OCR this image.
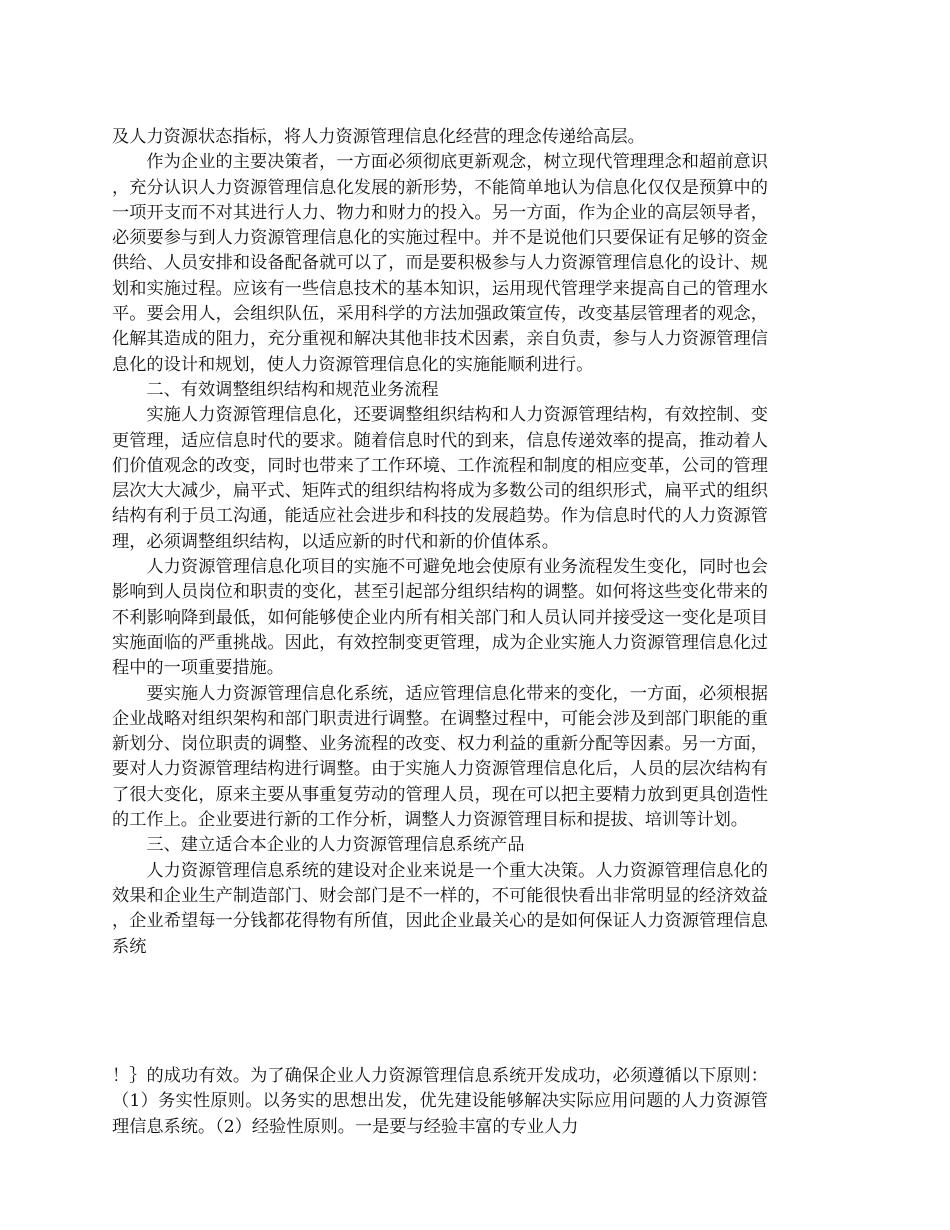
及人力资源状态指标，将人力资源管理信息化经营的理念传递给高层。

作为企业的主要决策者，一方面必须彻底更新观念，树立现代管理理念和超前意识，充分认识人力资源管理信息化发展的新形势，不能简单地认为信息化仅仅是预算中的一项开支而不对其进行人力、物力和财力的投入。另一方面，作为企业的高层领导者，必须要参与到人力资源管理信息化的实施过程中。并不是说他们只要保证有足够的资金供给、人员安排和设备配备就可以了，而是要积极参与人力资源管理信息化的设计、规划和实施过程。应该有一些信息技术的基本知识，运用现代管理学来提高自己的管理水平。要会用人，会组织队伍，采用科学的方法加强政策宣传，改变基层管理者的观念，化解其造成的阻力，充分重视和解决其他非技术因素，亲自负责，参与人力资源管理信息化的设计和规划，使人力资源管理信息化的实施能顺利进行。

二、有效调整组织结构和规范业务流程

实施人力资源管理信息化，还要调整组织结构和人力资源管理结构，有效控制、变更管理，适应信息时代的要求。随着信息时代的到来，信息传递效率的提高，推动着人们价值观念的改变，同时也带来了工作环境、工作流程和制度的相应变革，公司的管理层次大大减少，扁平式、矩阵式的组织结构将成为多数公司的组织形式，扁平式的组织结构有利于员工沟通，能适应社会进步和科技的发展趋势。作为信息时代的人力资源管理，必须调整组织结构，以适应新的时代和新的价值体系。

人力资源管理信息化项目的实施不可避免地会使原有业务流程发生变化，同时也会影响到人员岗位和职责的变化，甚至引起部分组织结构的调整。如何将这些变化带来的不利影响降到最低，如何能够使企业内所有相关部门和人员认同并接受这一变化是项目实施面临的严重挑战。因此，有效控制变更管理，成为企业实施人力资源管理信息化过程中的一项重要措施。

要实施人力资源管理信息化系统，适应管理信息化带来的变化，一方面，必须根据企业战略对组织架构和部门职责进行调整。在调整过程中，可能会涉及到部门职能的重新划分、岗位职责的调整、业务流程的改变、权力利益的重新分配等因素。另一方面，要对人力资源管理结构进行调整。由于实施人力资源管理信息化后，人员的层次结构有了很大变化，原来主要从事重复劳动的管理人员，现在可以把主要精力放到更具创造性的工作上。企业要进行新的工作分析，调整人力资源管理目标和提拔、培训等计划。

三、建立适合本企业的人力资源管理信息系统产品

人力资源管理信息系统的建设对企业来说是一个重大决策。人力资源管理信息化的效果和企业生产制造部门、财会部门是不一样的，不可能很快看出非常明显的经济效益，企业希望每一分钱都花得物有所值，因此企业最关心的是如何保证人力资源管理信息系统

！｝的成功有效。为了确保企业人力资源管理信息系统开发成功，必须遵循以下原则：（1）务实性原则。以务实的思想出发，优先建设能够解决实际应用问题的人力资源管理信息系统。（2）经验性原则。一是要与经验丰富的专业人力
